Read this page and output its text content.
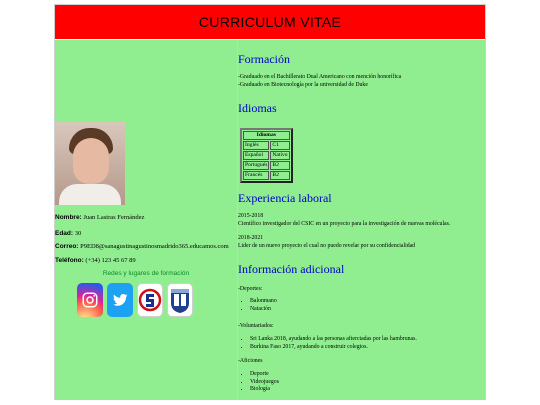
CURRICULUM VITAE
Nombre: Juan Lastras Fernández
Edad: 30
Correo: P9ED8@sanagustinagustinosmadrido365.educamos.com
Teléfono: (+34) 123 45 67 89
Redes y lugares de formación
Formación
-Graduado en el Bachillerato Dual Americano con mención honorífica
-Graduado en Biotecnología por la universidad de Duke
Idiomas
Idiomas	
Inglés	C1
Español	Nativo
Portugués	B2
Francés	B2
Experiencia laboral
2015-2018
Científico investigador del CSIC en un proyecto para la investigación de nuevas moléculas.
2018-2021
Lider de un nuevo proyecto el cual no puedo revelar por su confidencialidad
Información adicional
-Deportes:
• Balonmano
• Natación
-Voluntariados:
• Sri Lanka 2018, ayudando a las personas afterctadas por las hambrunas.
• Burkina Faso 2017, ayudando a construir colegios.
-Aficiones
• Deporte
• Videojuegos
• Biología
